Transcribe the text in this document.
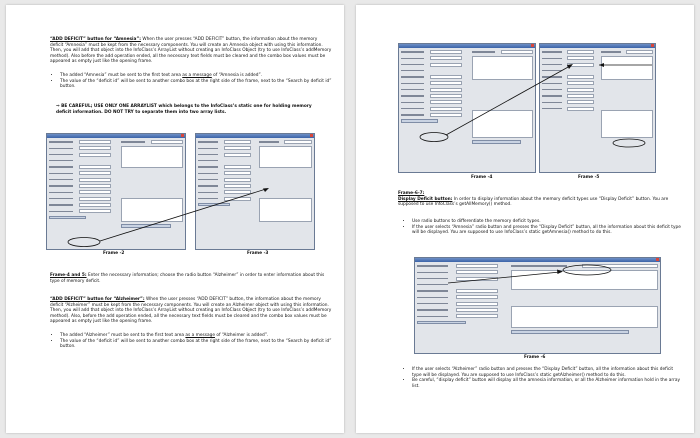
“ADD DEFICIT” button for “Amnesia”: When the user presses “ADD DEFICIT” button, the information about the memory deficit “Amnesia” must be kept from the necessary components. You will create an Amnesia object with using this information. Then, you will add that object into the InfoClass’s ArrayList without creating an InfoClass Object (try to use InfoClass’s addMemory method). Also before the add operation ended, all the necessary text fields must be cleared and the combo box values must be appeared as empty just like the opening frame.

• The added “Amnesia” must be sent to the first text area as a message of “Amnesia is added”.
• The value of the “deficit id” will be sent to another combo box at the right side of the frame, next to the “Search by deficit id” button.

⇒ BE CAREFUL; USE ONLY ONE ARRAYLIST which belongs to the InfoClass’s static one for holding memory deficit information. DO NOT TRY to separate them into two array lists.

Frame -2	Frame -3

Frame-4 and 5: Enter the necessary information; choose the radio button “Alzheimer” in order to enter information about this type of memory deficit.

“ADD DEFICIT” button for “Alzheimer”: When the user presses “ADD DEFICIT” button, the information about the memory deficit “Alzheimer” must be kept from the necessary components. You will create an Alzheimer object with using this information. Then, you will add that object into the InfoClass’s ArrayList without creating an InfoClass Object (try to use InfoClass’s addMemory method). Also, before the add operation ended, all the necessary text fields must be cleared and the combo box values must be appeared as empty just like the opening frame.

• The added “Alzheimer” must be sent to the first text area as a message of “Alzheimer is added”.
• The value of the “deficit id” will be sent to another combo box at the right side of the frame, next to the “Search by deficit id” button.
Frame -4	Frame -5

Frame-6-7:
Display Deficit button: In order to display information about the memory deficit types use “Display Deficit” button. You are supposed to use InfoClass’s getAllMemory() method.

• Use radio buttons to differentiate the memory deficit types.
• If the user selects “Amnesia” radio button and presses the “Display Deficit” button, all the information about this deficit type will be displayed. You are supposed to use InfoClass’s static getAmnesia() method to do this.
Frame -6
• If the user selects “Alzheimer” radio button and presses the “Display Deficit” button, all the information about this deficit type will be displayed. You are supposed to use InfoClass’s static getAlzheimer() method to do this.
• Be careful, “display deficit” button will display all the amnesia information, or all the Alzheimer information hold in the array list.
